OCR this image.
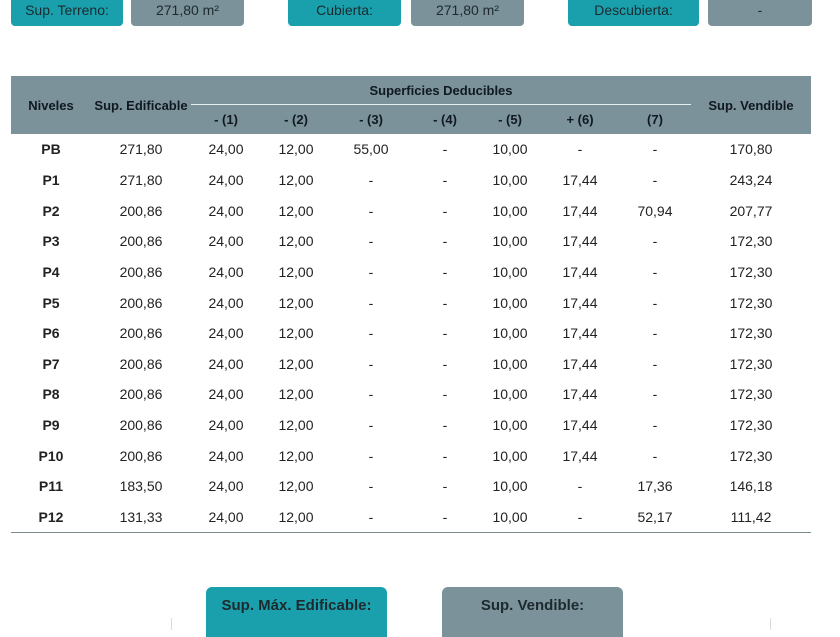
Sup. Terreno:	271,80 m²	Cubierta:	271,80 m²	Descubierta:	-
Niveles	Sup. Edificable	Superficies Deducibles							Sup. Vendible
		- (1)	- (2)	- (3)	- (4)	- (5)	+ (6)	(7)	
PB	271,80	24,00	12,00	55,00	-	10,00	-	-	170,80
P1	271,80	24,00	12,00	-	-	10,00	17,44	-	243,24
P2	200,86	24,00	12,00	-	-	10,00	17,44	70,94	207,77
P3	200,86	24,00	12,00	-	-	10,00	17,44	-	172,30
P4	200,86	24,00	12,00	-	-	10,00	17,44	-	172,30
P5	200,86	24,00	12,00	-	-	10,00	17,44	-	172,30
P6	200,86	24,00	12,00	-	-	10,00	17,44	-	172,30
P7	200,86	24,00	12,00	-	-	10,00	17,44	-	172,30
P8	200,86	24,00	12,00	-	-	10,00	17,44	-	172,30
P9	200,86	24,00	12,00	-	-	10,00	17,44	-	172,30
P10	200,86	24,00	12,00	-	-	10,00	17,44	-	172,30
P11	183,50	24,00	12,00	-	-	10,00	-	17,36	146,18
P12	131,33	24,00	12,00	-	-	10,00	-	52,17	111,42
Sup. Máx. Edificable:	Sup. Vendible:
